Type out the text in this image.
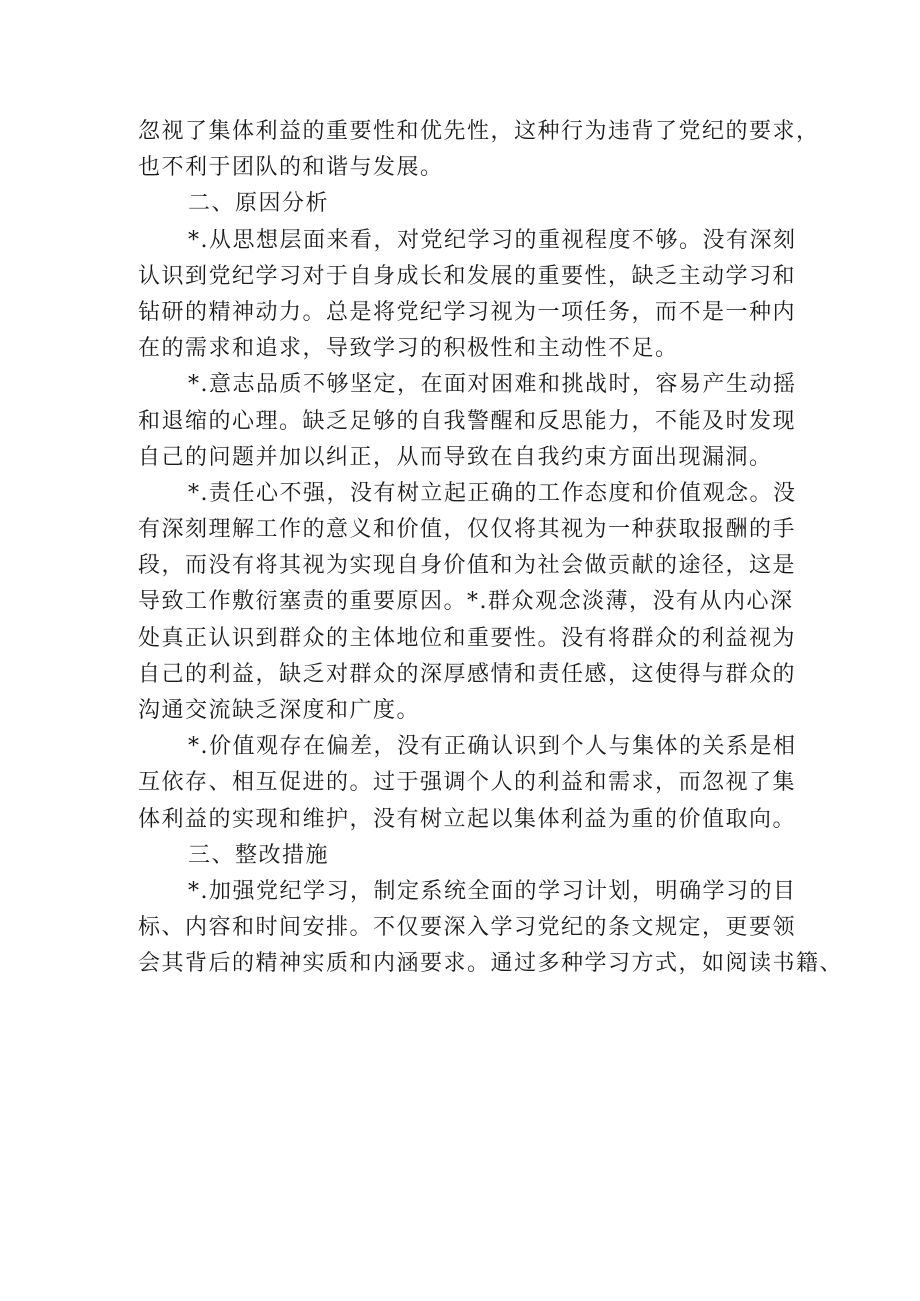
忽视了集体利益的重要性和优先性，这种行为违背了党纪的要求，
也不利于团队的和谐与发展。
二、原因分析
*.从思想层面来看，对党纪学习的重视程度不够。没有深刻
认识到党纪学习对于自身成长和发展的重要性，缺乏主动学习和
钻研的精神动力。总是将党纪学习视为一项任务，而不是一种内
在的需求和追求，导致学习的积极性和主动性不足。
*.意志品质不够坚定，在面对困难和挑战时，容易产生动摇
和退缩的心理。缺乏足够的自我警醒和反思能力，不能及时发现
自己的问题并加以纠正，从而导致在自我约束方面出现漏洞。
*.责任心不强，没有树立起正确的工作态度和价值观念。没
有深刻理解工作的意义和价值，仅仅将其视为一种获取报酬的手
段，而没有将其视为实现自身价值和为社会做贡献的途径，这是
导致工作敷衍塞责的重要原因。*.群众观念淡薄，没有从内心深
处真正认识到群众的主体地位和重要性。没有将群众的利益视为
自己的利益，缺乏对群众的深厚感情和责任感，这使得与群众的
沟通交流缺乏深度和广度。
*.价值观存在偏差，没有正确认识到个人与集体的关系是相
互依存、相互促进的。过于强调个人的利益和需求，而忽视了集
体利益的实现和维护，没有树立起以集体利益为重的价值取向。
三、整改措施
*.加强党纪学习，制定系统全面的学习计划，明确学习的目
标、内容和时间安排。不仅要深入学习党纪的条文规定，更要领
会其背后的精神实质和内涵要求。通过多种学习方式，如阅读书籍、
